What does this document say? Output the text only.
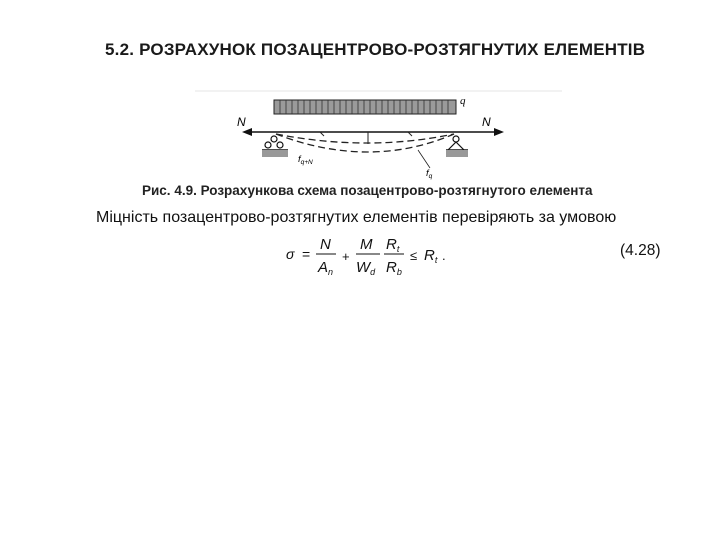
5.2. РОЗРАХУНОК ПОЗАЦЕНТРОВО-РОЗТЯГНУТИХ ЕЛЕМЕНТІВ
q
N	N
$f_{q+N}$
$f_q$
Рис. 4.9. Розрахункова схема позацентрово-розтягнутого елемента
Міцність позацентрово-розтягнутих елементів перевіряють за умовою
σ =
N
$A_n$
+
M
$W_d$
$R_t$
$R_b$
≤ $R_t$ .	(4.28)
